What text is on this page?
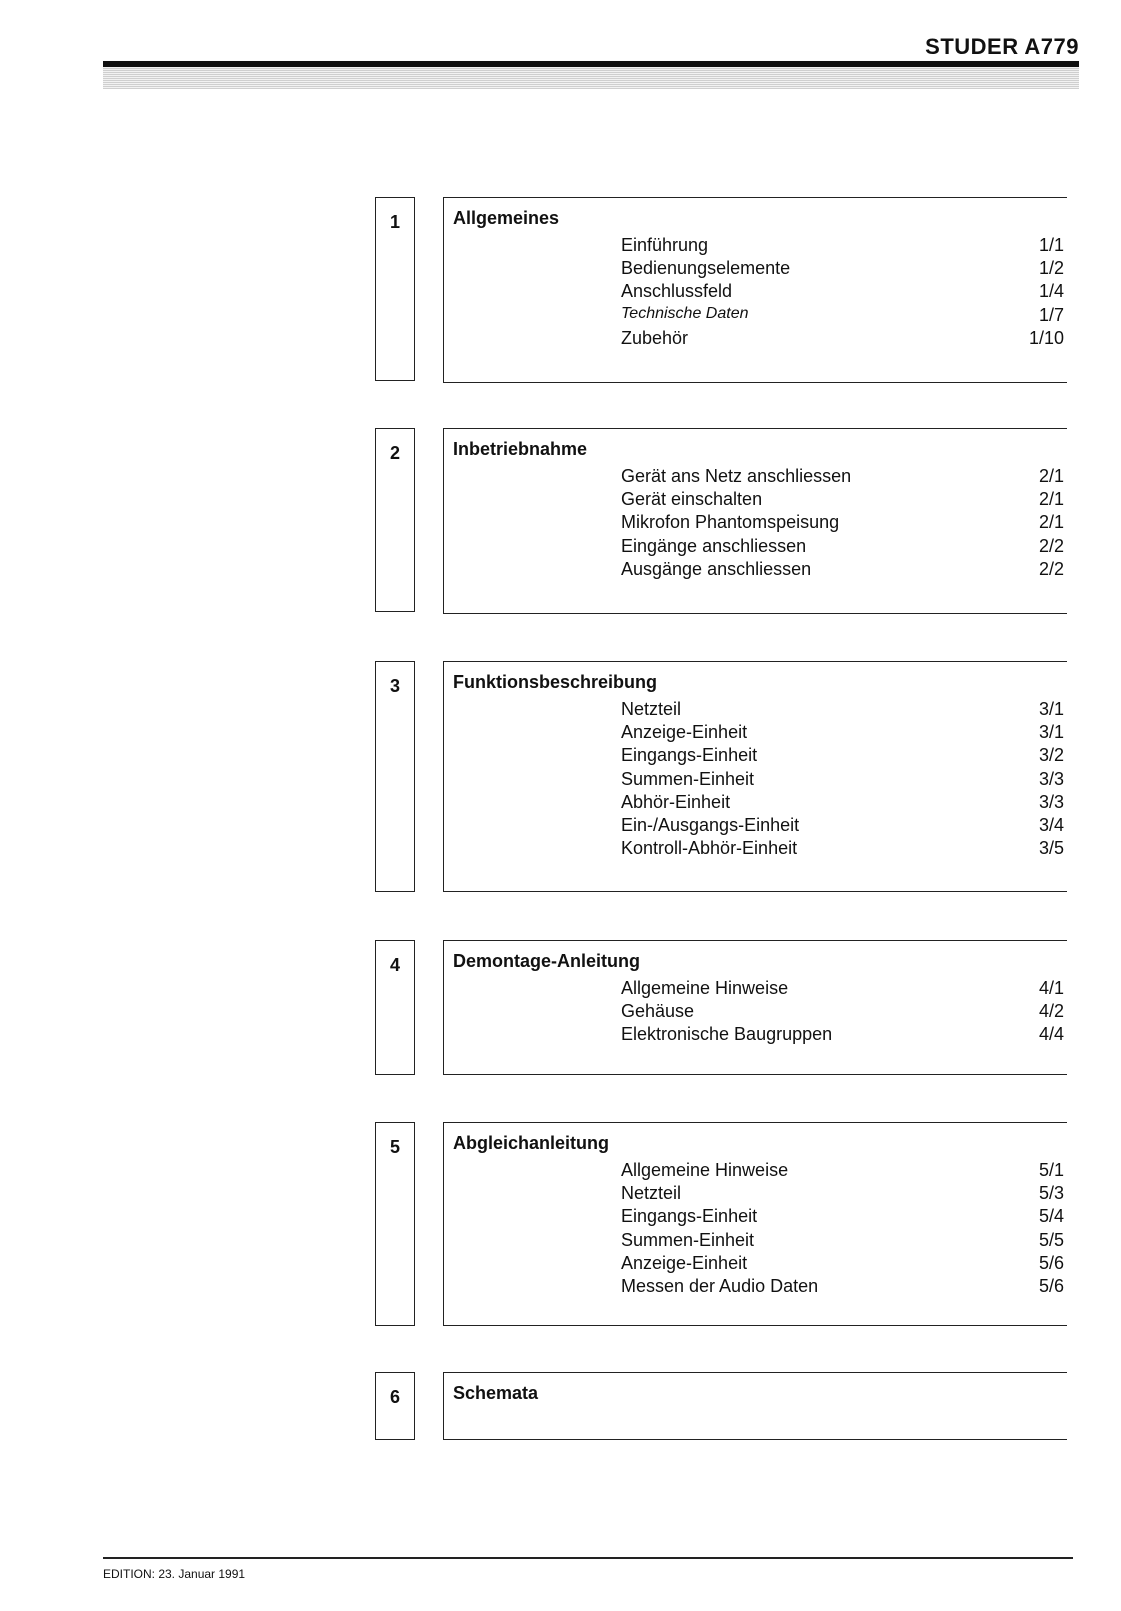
STUDER A779
1	Allgemeines
Einführung	1/1
Bedienungselemente	1/2
Anschlussfeld	1/4
Technische Daten	1/7
Zubehör	1/10
2	Inbetriebnahme
Gerät ans Netz anschliessen	2/1
Gerät einschalten	2/1
Mikrofon Phantomspeisung	2/1
Eingänge anschliessen	2/2
Ausgänge anschliessen	2/2
3	Funktionsbeschreibung
Netzteil	3/1
Anzeige-Einheit	3/1
Eingangs-Einheit	3/2
Summen-Einheit	3/3
Abhör-Einheit	3/3
Ein-/Ausgangs-Einheit	3/4
Kontroll-Abhör-Einheit	3/5
4	Demontage-Anleitung
Allgemeine Hinweise	4/1
Gehäuse	4/2
Elektronische Baugruppen	4/4
5	Abgleichanleitung
Allgemeine Hinweise	5/1
Netzteil	5/3
Eingangs-Einheit	5/4
Summen-Einheit	5/5
Anzeige-Einheit	5/6
Messen der Audio Daten	5/6
6	Schemata
EDITION: 23. Januar 1991
